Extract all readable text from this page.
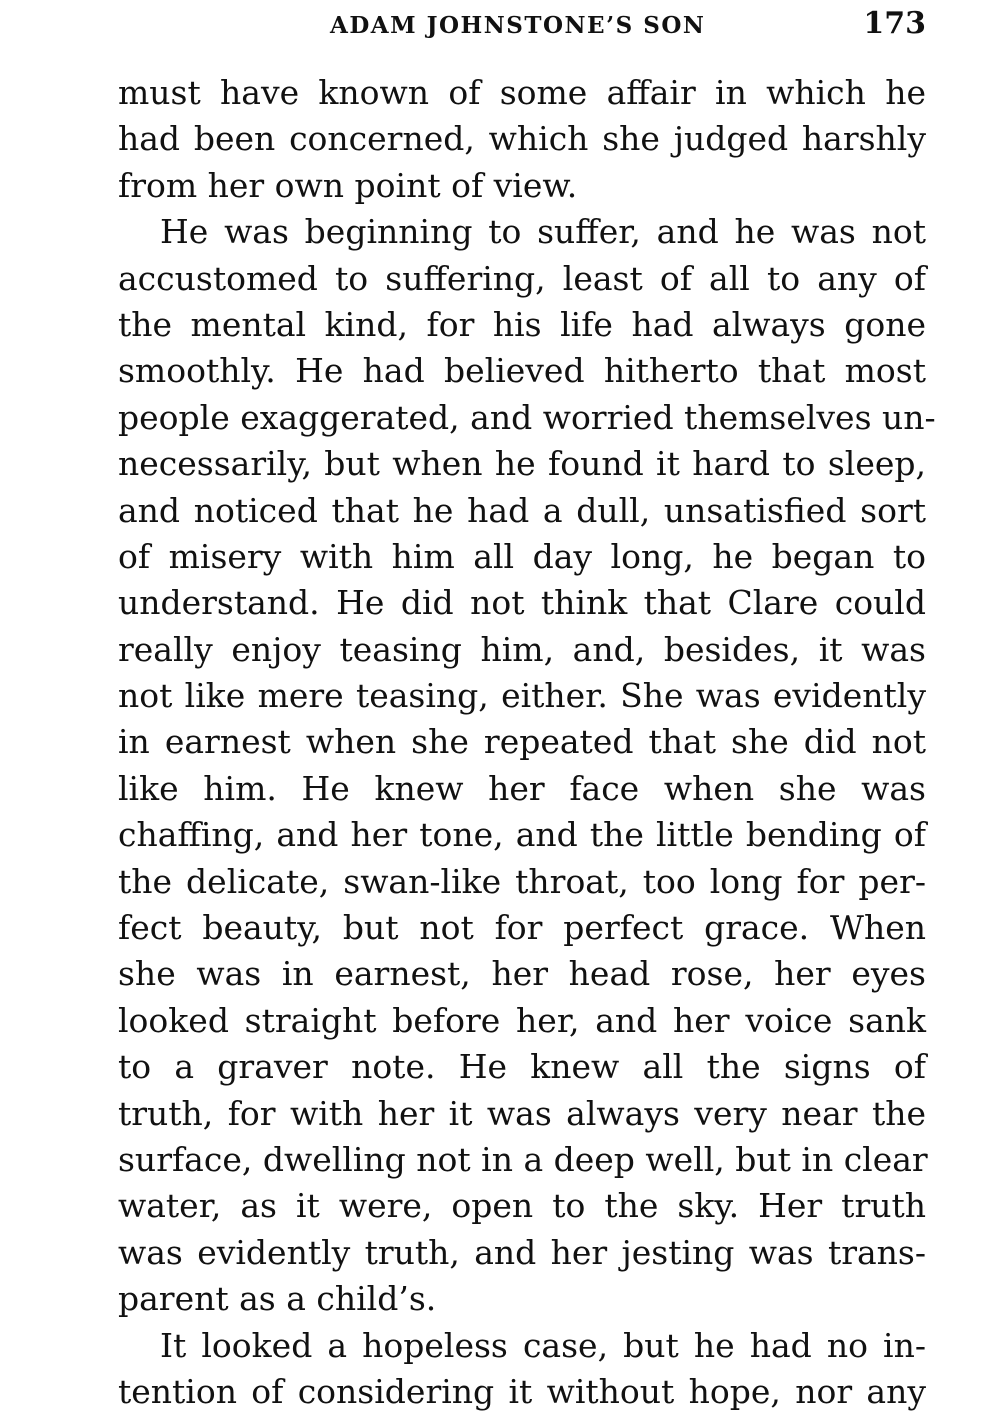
ADAM JOHNSTONE’S SON	173
must have known of some affair in which he
had been concerned, which she judged harshly
from her own point of view.
He was beginning to suffer, and he was not
accustomed to suffering, least of all to any of
the mental kind, for his life had always gone
smoothly. He had believed hitherto that most
people exaggerated, and worried themselves un-
necessarily, but when he found it hard to sleep,
and noticed that he had a dull, unsatisfied sort
of misery with him all day long, he began to
understand. He did not think that Clare could
really enjoy teasing him, and, besides, it was
not like mere teasing, either. She was evidently
in earnest when she repeated that she did not
like him. He knew her face when she was
chaffing, and her tone, and the little bending of
the delicate, swan-like throat, too long for per-
fect beauty, but not for perfect grace. When
she was in earnest, her head rose, her eyes
looked straight before her, and her voice sank
to a graver note. He knew all the signs of
truth, for with her it was always very near the
surface, dwelling not in a deep well, but in clear
water, as it were, open to the sky. Her truth
was evidently truth, and her jesting was trans-
parent as a child’s.
It looked a hopeless case, but he had no in-
tention of considering it without hope, nor any
